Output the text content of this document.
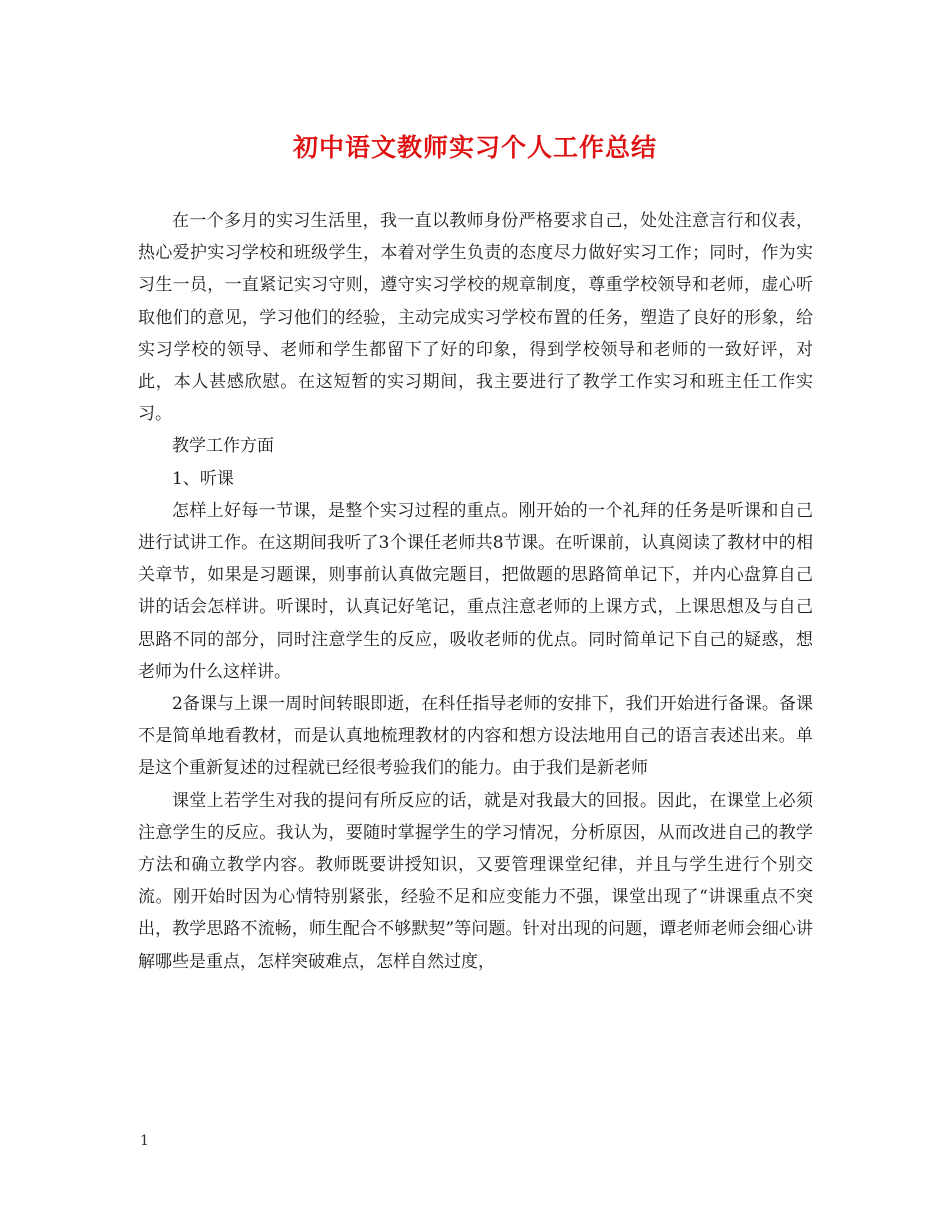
初中语文教师实习个人工作总结

在一个多月的实习生活里，我一直以教师身份严格要求自己，处处注意言行和仪表，热心爱护实习学校和班级学生，本着对学生负责的态度尽力做好实习工作；同时，作为实习生一员，一直紧记实习守则，遵守实习学校的规章制度，尊重学校领导和老师，虚心听取他们的意见，学习他们的经验，主动完成实习学校布置的任务，塑造了良好的形象，给实习学校的领导、老师和学生都留下了好的印象，得到学校领导和老师的一致好评，对此，本人甚感欣慰。在这短暂的实习期间，我主要进行了教学工作实习和班主任工作实习。

教学工作方面

1、听课

怎样上好每一节课，是整个实习过程的重点。刚开始的一个礼拜的任务是听课和自己进行试讲工作。在这期间我听了3个课任老师共8节课。在听课前，认真阅读了教材中的相关章节，如果是习题课，则事前认真做完题目，把做题的思路简单记下，并内心盘算自己讲的话会怎样讲。听课时，认真记好笔记，重点注意老师的上课方式，上课思想及与自己思路不同的部分，同时注意学生的反应，吸收老师的优点。同时简单记下自己的疑惑，想老师为什么这样讲。

2备课与上课一周时间转眼即逝，在科任指导老师的安排下，我们开始进行备课。备课不是简单地看教材，而是认真地梳理教材的内容和想方设法地用自己的语言表述出来。单是这个重新复述的过程就已经很考验我们的能力。由于我们是新老师

课堂上若学生对我的提问有所反应的话，就是对我最大的回报。因此，在课堂上必须注意学生的反应。我认为，要随时掌握学生的学习情况，分析原因，从而改进自己的教学方法和确立教学内容。教师既要讲授知识，又要管理课堂纪律，并且与学生进行个别交流。刚开始时因为心情特别紧张，经验不足和应变能力不强，课堂出现了“讲课重点不突出，教学思路不流畅，师生配合不够默契”等问题。针对出现的问题，谭老师老师会细心讲解哪些是重点，怎样突破难点，怎样自然过度，

1
